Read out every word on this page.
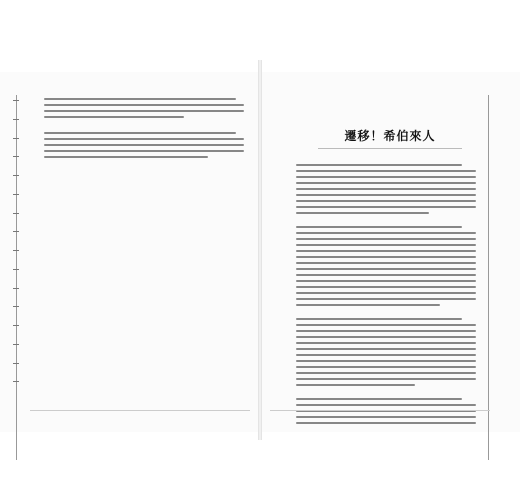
遷移！希伯來人
